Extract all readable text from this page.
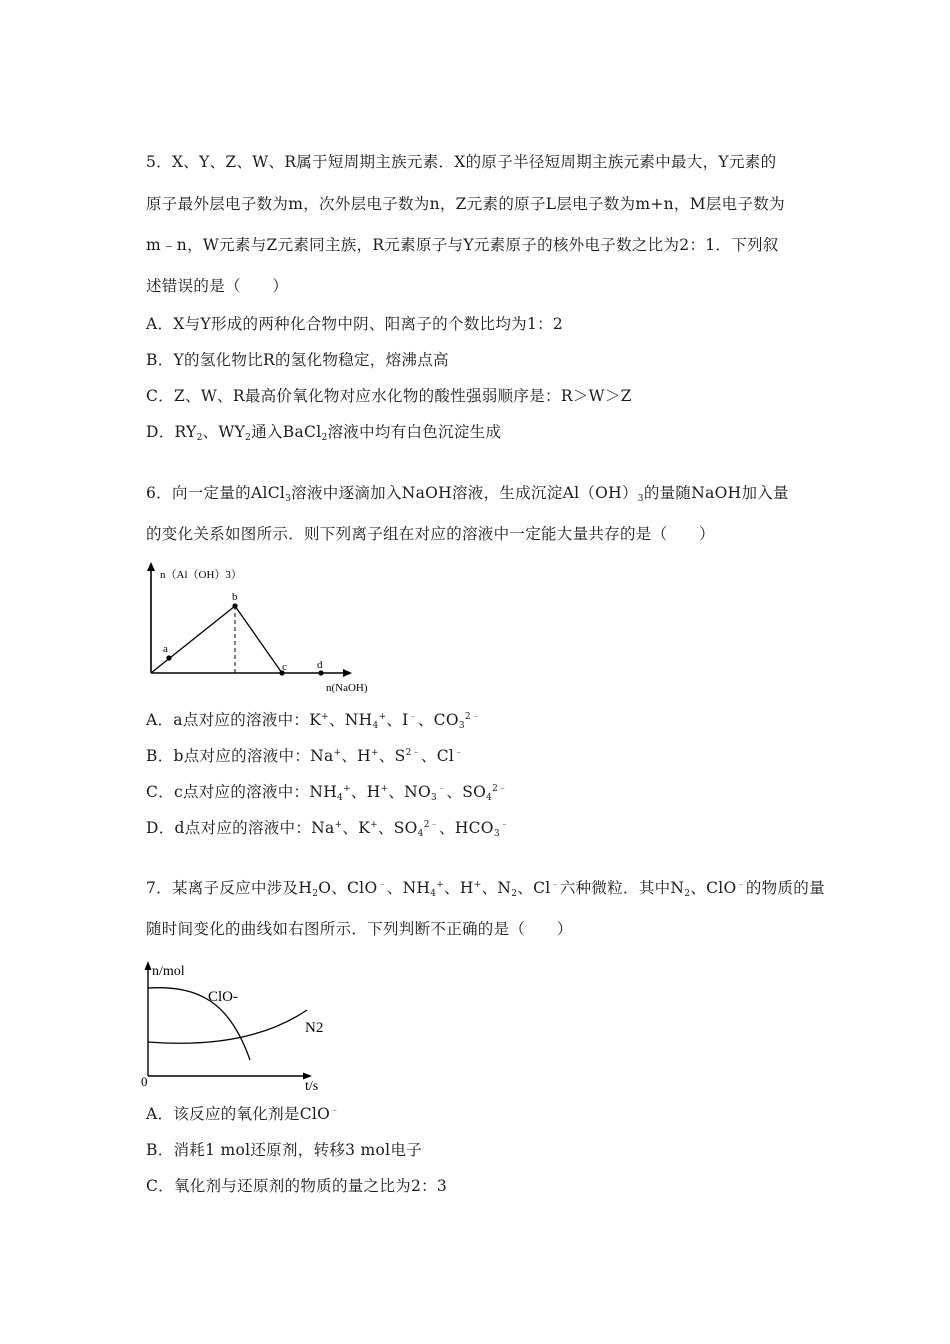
5．X、Y、Z、W、R属于短周期主族元素．X的原子半径短周期主族元素中最大，Y元素的
原子最外层电子数为m，次外层电子数为n，Z元素的原子L层电子数为m+n，M层电子数为
m﹣n，W元素与Z元素同主族，R元素原子与Y元素原子的核外电子数之比为2：1．下列叙
述错误的是（　　）
A．X与Y形成的两种化合物中阴、阳离子的个数比均为1：2
B．Y的氢化物比R的氢化物稳定，熔沸点高
C．Z、W、R最高价氧化物对应水化物的酸性强弱顺序是：R＞W＞Z
D．$RY_2$、$WY_2$通入BaCl$_2$溶液中均有白色沉淀生成
6．向一定量的AlCl$_3$溶液中逐滴加入NaOH溶液，生成沉淀$Al(OH)_3$的量随NaOH加入量
的变化关系如图所示．则下列离子组在对应的溶液中一定能大量共存的是（　　）
a
b
c	d
n（Al（OH）3）
n(NaOH)
A．a点对应的溶液中：K+、$NH_4^+$、I﹣、$CO_3^{2﹣}$
B．b点对应的溶液中：Na+、H+、$S^{2﹣}$、Cl﹣
C．c点对应的溶液中：$NH_4^+$、H+、$NO_3^﹣$、$SO_4^{2﹣}$
D．d点对应的溶液中：Na+、K+、$SO_4^{2﹣}$、$HCO_3^﹣$
7．某离子反应中涉及$H_2O$、ClO﹣、$NH_4^+$、H+、$N_2$、Cl﹣六种微粒．其中$N_2$、ClO﹣的物质的量
随时间变化的曲线如右图所示．下列判断不正确的是（　　）
0
n/mol
t/s
ClO-
N2
A．该反应的氧化剂是ClO﹣
B．消耗1 mol还原剂，转移3 mol电子
C．氧化剂与还原剂的物质的量之比为2：3
